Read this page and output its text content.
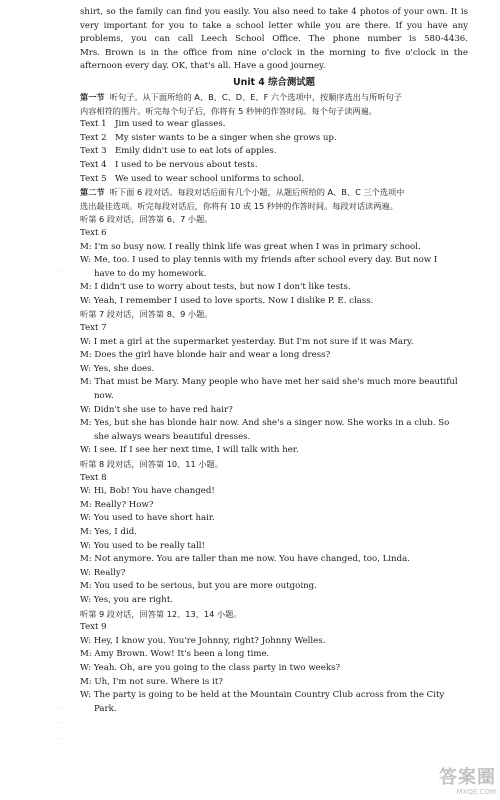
shirt, so the family can find you easily. You also need to take 4 photos of your own. It is

very important for you to take a school letter while you are there. If you have any

problems, you can call Leech School Office. The phone number is 580-4436.

Mrs. Brown is in the office from nine o'clock in the morning to five o'clock in the

afternoon every day. OK, that's all. Have a good journey.

Unit 4 综合测试题

第一节 听句子。从下面所给的 A、B、C、D、E、F 六个选项中，按顺序选出与所听句子

内容相符的图片。听完每个句子后，你将有 5 秒钟的作答时间。每个句子读两遍。

Text 1 Jim used to wear glasses.
Text 2 My sister wants to be a singer when she grows up.
Text 3 Emily didn't use to eat lots of apples.
Text 4 I used to be nervous about tests.
Text 5 We used to wear school uniforms to school.

第二节 听下面 6 段对话。每段对话后面有几个小题，从题后所给的 A、B、C 三个选项中

选出最佳选项。听完每段对话后，你将有 10 或 15 秒钟的作答时间。每段对话读两遍。

听第 6 段对话，回答第 6、7 小题。

Text 6

M: I'm so busy now. I really think life was great when I was in primary school.

W: Me, too. I used to play tennis with my friends after school every day. But now I

have to do my homework.

M: I didn't use to worry about tests, but now I don't like tests.

W: Yeah, I remember I used to love sports. Now I dislike P. E. class.

听第 7 段对话，回答第 8、9 小题。

Text 7

W: I met a girl at the supermarket yesterday. But I'm not sure if it was Mary.

M: Does the girl have blonde hair and wear a long dress?

W: Yes, she does.

M: That must be Mary. Many people who have met her said she's much more beautiful

now.

W: Didn't she use to have red hair?

M: Yes, but she has blonde hair now. And she's a singer now. She works in a club. So

she always wears beautiful dresses.

W: I see. If I see her next time, I will talk with her.

听第 8 段对话，回答第 10、11 小题。

Text 8

W: Hi, Bob! You have changed!

M: Really? How?

W: You used to have short hair.

M: Yes, I did.

W: You used to be really tall!

M: Not anymore. You are taller than me now. You have changed, too, Linda.

W: Really?

M: You used to be serious, but you are more outgoing.

W: Yes, you are right.

听第 9 段对话，回答第 12、13、14 小题。

Text 9

W: Hey, I know you. You're Johnny, right? Johnny Welles.

M: Amy Brown. Wow! It's been a long time.

W: Yeah. Oh, are you going to the class party in two weeks?

M: Uh, I'm not sure. Where is it?

W: The party is going to be held at the Mountain Country Club across from the City

Park.

·
·
·
·
答案圈
MXQE.COM
